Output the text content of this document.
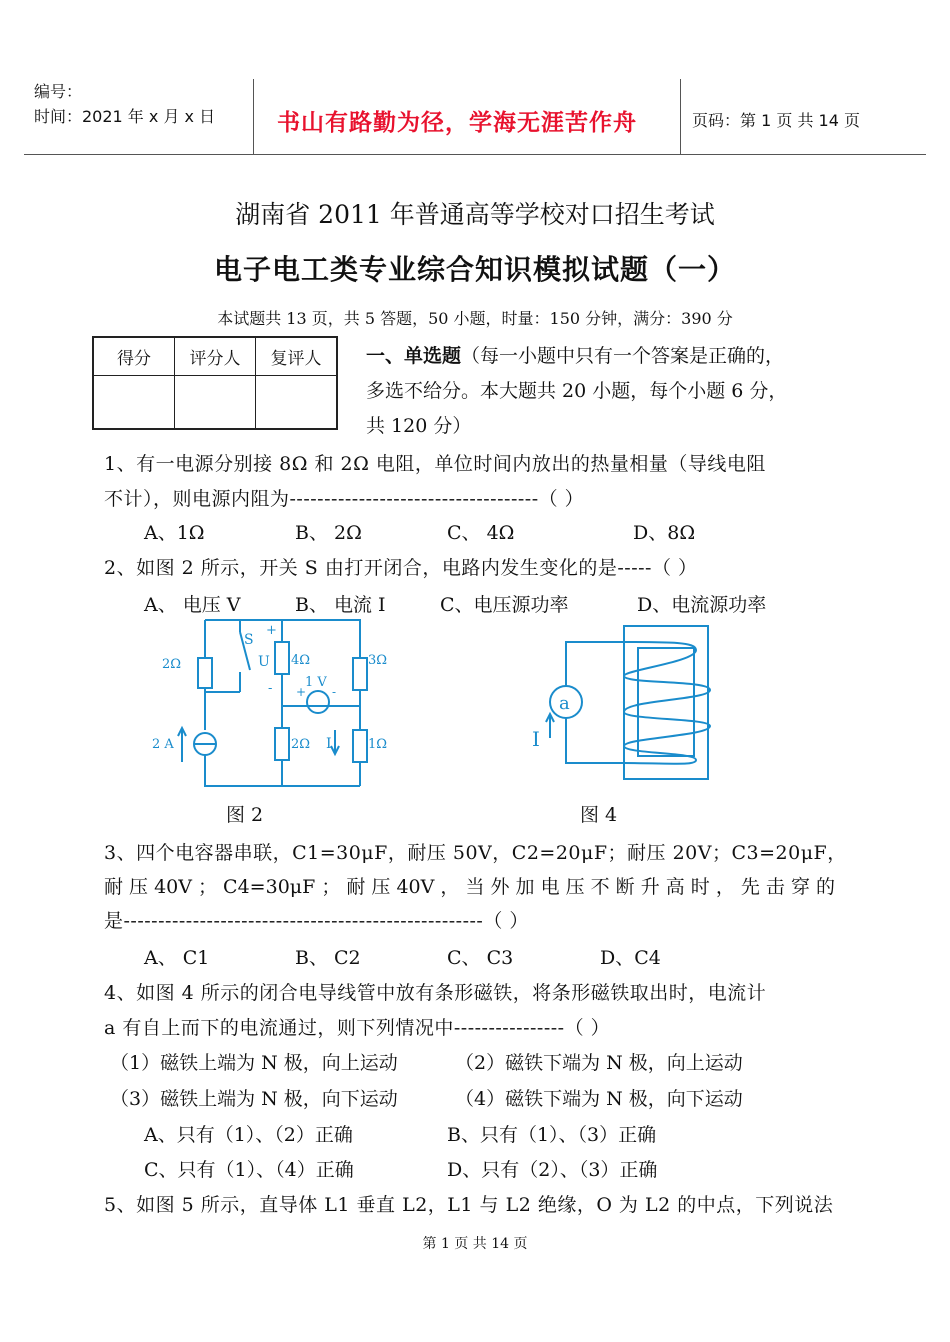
编号：
时间：2021 年 x 月 x 日	书山有路勤为径，学海无涯苦作舟	页码：第 1 页 共 14 页
湖南省 2011 年普通高等学校对口招生考试
电子电工类专业综合知识模拟试题（一）
本试题共 13 页，共 5 答题，50 小题，时量：150 分钟，满分：390 分
得分	评分人	复评人
		一、单选题（每一小题中只有一个答案是正确的，
多选不给分。本大题共 20 小题，每个小题 6 分，
共 120 分）
1、有一电源分别接 8Ω 和 2Ω 电阻，单位时间内放出的热量相量（导线电阻
不计），则电源内阻为------------------------------------（ ）
A、1Ω	B、 2Ω	C、 4Ω	D、8Ω
2、如图 2 所示，开关 S 由打开闭合，电路内发生变化的是-----（ ）
A、 电压 V	B、 电流 I	C、电压源功率	D、电流源功率
2Ω
S
+
U
-
4Ω	3Ω
1 V
+ -
2 A	2Ω I	1Ω
图 2
a
I
图 4
3、四个电容器串联，C1=30μF，耐压 50V，C2=20μF；耐压 20V；C3=20μF，
耐 压 40V ； C4=30μF ； 耐 压 40V ， 当 外 加 电 压 不 断 升 高 时 ， 先 击 穿 的
是----------------------------------------------------（ ）
A、 C1	B、 C2	C、 C3	D、C4
4、如图 4 所示的闭合电导线管中放有条形磁铁，将条形磁铁取出时，电流计
a 有自上而下的电流通过，则下列情况中----------------（ ）
（1）磁铁上端为 N 极，向上运动	（2）磁铁下端为 N 极，向上运动
（3）磁铁上端为 N 极，向下运动	（4）磁铁下端为 N 极，向下运动
A、只有（1）、（2）正确	B、只有（1）、（3）正确
C、只有（1）、（4）正确	D、只有（2）、（3）正确
5、如图 5 所示，直导体 L1 垂直 L2，L1 与 L2 绝缘，O 为 L2 的中点，下列说法
第 1 页 共 14 页
